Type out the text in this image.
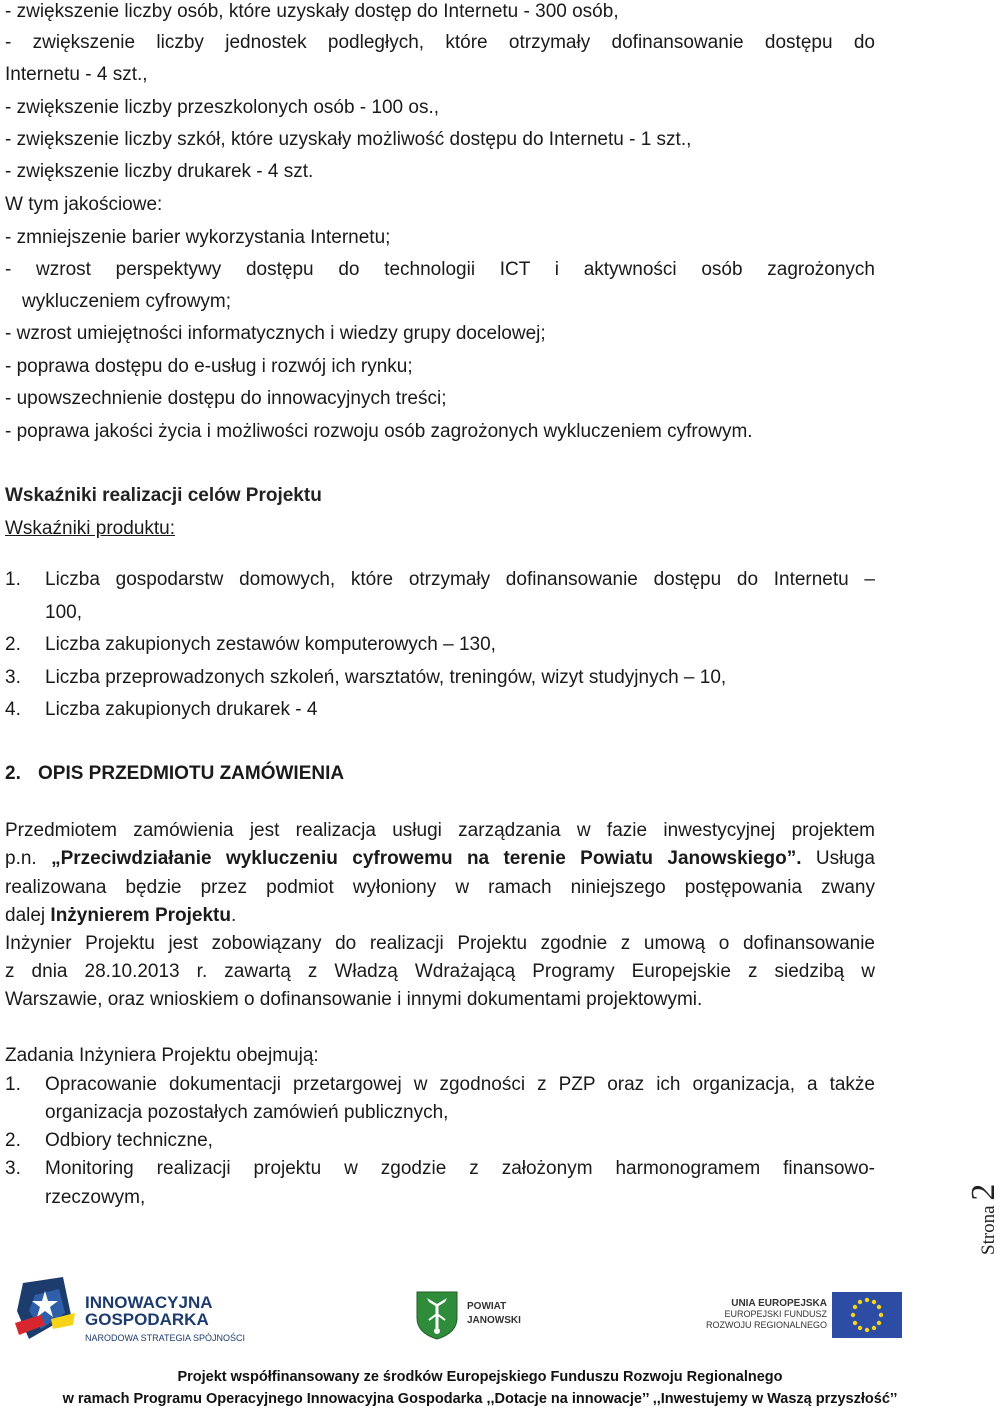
- zwiększenie liczby osób, które uzyskały dostęp do Internetu - 300 osób,
- zwiększenie liczby jednostek podległych, które otrzymały dofinansowanie dostępu do
Internetu - 4 szt.,
- zwiększenie liczby przeszkolonych osób - 100 os.,
- zwiększenie liczby szkół, które uzyskały możliwość dostępu do Internetu - 1 szt.,
- zwiększenie liczby drukarek - 4 szt.
W tym jakościowe:
- zmniejszenie barier wykorzystania Internetu;
- wzrost perspektywy dostępu do technologii ICT i aktywności osób zagrożonych
wykluczeniem cyfrowym;
- wzrost umiejętności informatycznych i wiedzy grupy docelowej;
- poprawa dostępu do e-usług i rozwój ich rynku;
- upowszechnienie dostępu do innowacyjnych treści;
- poprawa jakości życia i możliwości rozwoju osób zagrożonych wykluczeniem cyfrowym.
Wskaźniki realizacji celów Projektu
Wskaźniki produktu:
1. Liczba gospodarstw domowych, które otrzymały dofinansowanie dostępu do Internetu –
100,
2. Liczba zakupionych zestawów komputerowych – 130,
3. Liczba przeprowadzonych szkoleń, warsztatów, treningów, wizyt studyjnych – 10,
4. Liczba zakupionych drukarek - 4
2. OPIS PRZEDMIOTU ZAMÓWIENIA
Przedmiotem zamówienia jest realizacja usługi zarządzania w fazie inwestycyjnej projektem
p.n. „Przeciwdziałanie wykluczeniu cyfrowemu na terenie Powiatu Janowskiego”. Usługa
realizowana będzie przez podmiot wyłoniony w ramach niniejszego postępowania zwany
dalej Inżynierem Projektu.
Inżynier Projektu jest zobowiązany do realizacji Projektu zgodnie z umową o dofinansowanie
z dnia 28.10.2013 r. zawartą z Władzą Wdrażającą Programy Europejskie z siedzibą w
Warszawie, oraz wnioskiem o dofinansowanie i innymi dokumentami projektowymi.
Zadania Inżyniera Projektu obejmują:
1. Opracowanie dokumentacji przetargowej w zgodności z PZP oraz ich organizacja, a także
organizacja pozostałych zamówień publicznych,
2. Odbiory techniczne,
3. Monitoring realizacji projektu w zgodzie z założonym harmonogramem finansowo-
rzeczowym,
Strona 2
INNOWACYJNA
GOSPODARKA
NARODOWA STRATEGIA SPÓJNOŚCI
POWIAT
JANOWSKI
UNIA EUROPEJSKA
EUROPEJSKI FUNDUSZ
ROZWOJU REGIONALNEGO
Projekt współfinansowany ze środków Europejskiego Funduszu Rozwoju Regionalnego
w ramach Programu Operacyjnego Innowacyjna Gospodarka ,,Dotacje na innowacje’’ ,,Inwestujemy w Waszą przyszłość’’
